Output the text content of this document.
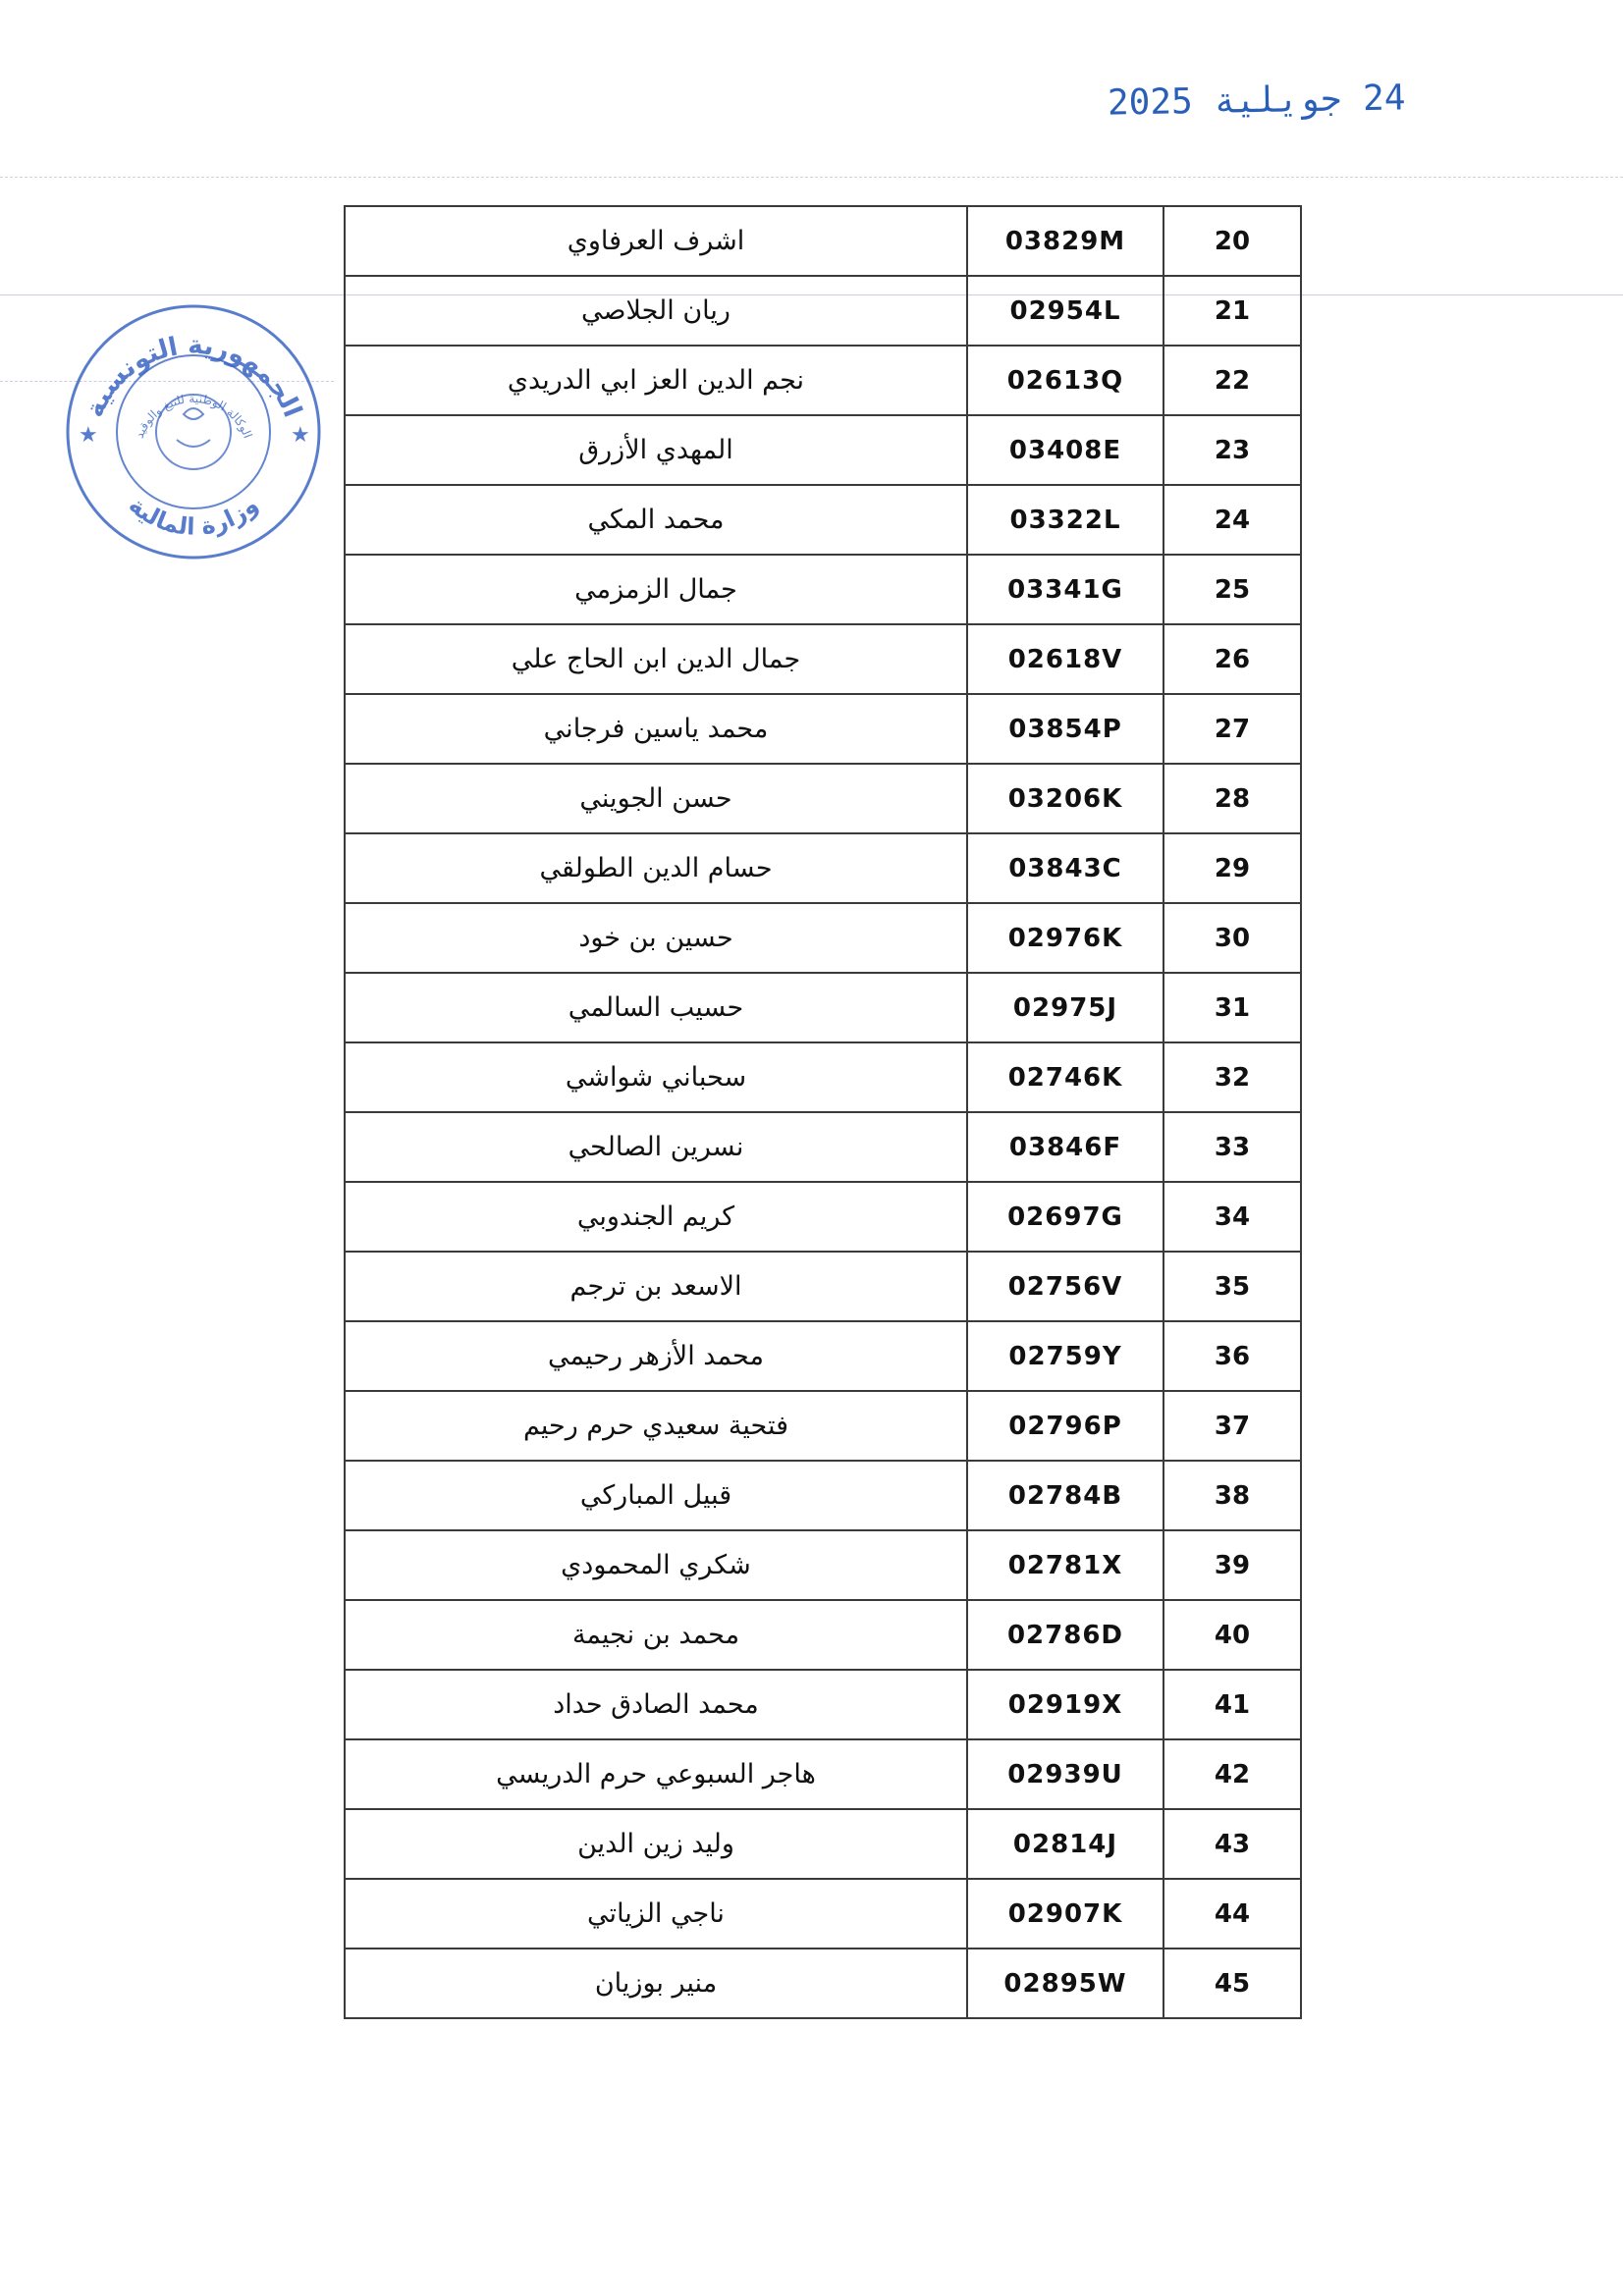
24 جويلية 2025
الجمهورية التونسية
وزارة المالية
الوكالة الوطنية للتبغ والوقيد
★	★
اشرف العرفاوي	03829M	20
ريان الجلاصي	02954L	21
نجم الدين العز ابي الدريدي	02613Q	22
المهدي الأزرق	03408E	23
محمد المكي	03322L	24
جمال الزمزمي	03341G	25
جمال الدين ابن الحاج علي	02618V	26
محمد ياسين فرجاني	03854P	27
حسن الجويني	03206K	28
حسام الدين الطولقي	03843C	29
حسين بن خود	02976K	30
حسيب السالمي	02975J	31
سحباني شواشي	02746K	32
نسرين الصالحي	03846F	33
كريم الجندوبي	02697G	34
الاسعد بن ترجم	02756V	35
محمد الأزهر رحيمي	02759Y	36
فتحية سعيدي حرم رحيم	02796P	37
قبيل المباركي	02784B	38
شكري المحمودي	02781X	39
محمد بن نجيمة	02786D	40
محمد الصادق حداد	02919X	41
هاجر السبوعي حرم الدريسي	02939U	42
وليد زين الدين	02814J	43
ناجي الزياتي	02907K	44
منير بوزيان	02895W	45
